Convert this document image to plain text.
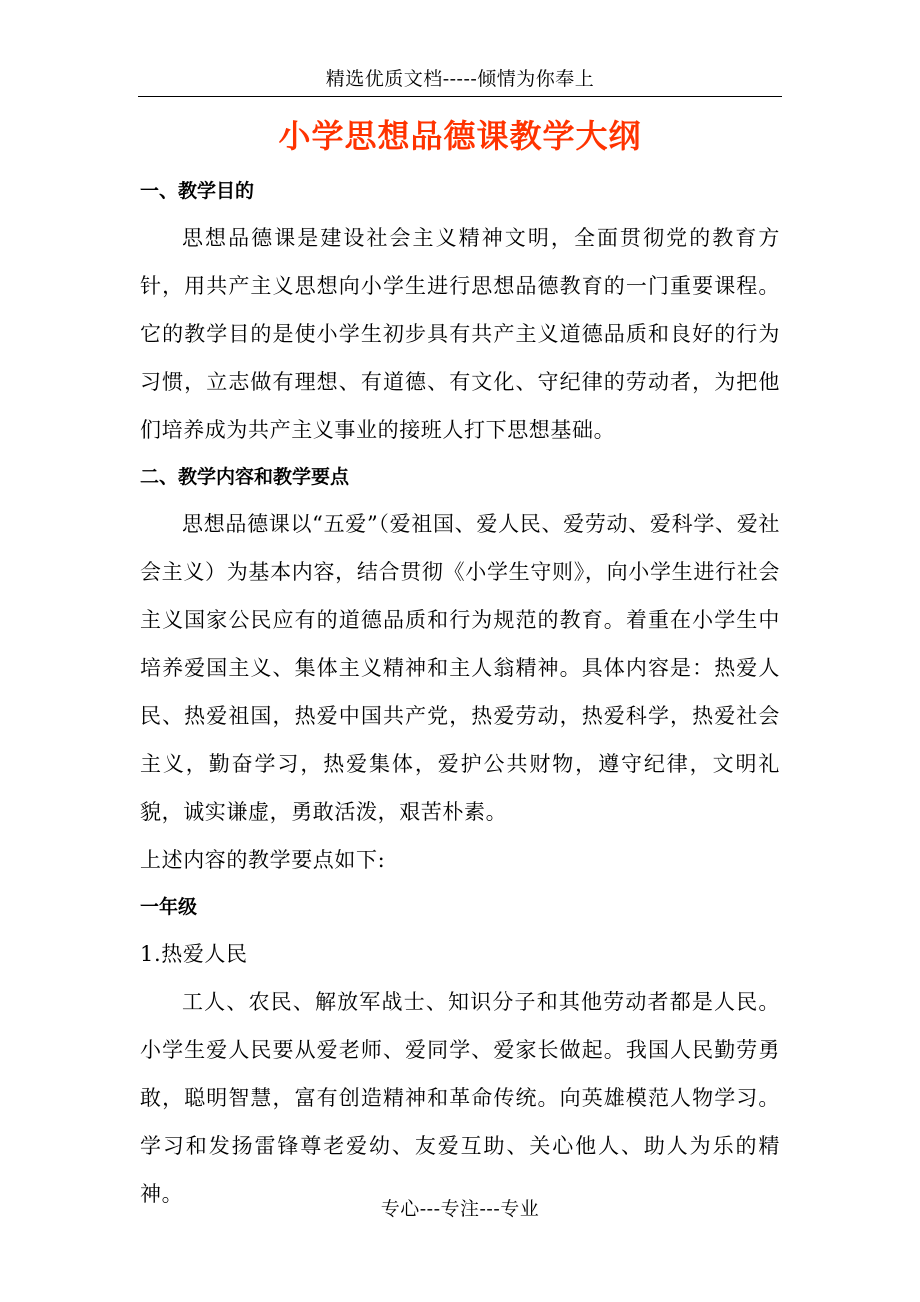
精选优质文档-----倾情为你奉上
小学思想品德课教学大纲

一、教学目的

思想品德课是建设社会主义精神文明，全面贯彻党的教育方针，用共产主义思想向小学生进行思想品德教育的一门重要课程。它的教学目的是使小学生初步具有共产主义道德品质和良好的行为习惯，立志做有理想、有道德、有文化、守纪律的劳动者，为把他们培养成为共产主义事业的接班人打下思想基础。

二、教学内容和教学要点

思想品德课以“五爱”（爱祖国、爱人民、爱劳动、爱科学、爱社会主义）为基本内容，结合贯彻《小学生守则》，向小学生进行社会主义国家公民应有的道德品质和行为规范的教育。着重在小学生中培养爱国主义、集体主义精神和主人翁精神。具体内容是：热爱人民、热爱祖国，热爱中国共产党，热爱劳动，热爱科学，热爱社会主义，勤奋学习，热爱集体，爱护公共财物，遵守纪律，文明礼貌，诚实谦虚，勇敢活泼，艰苦朴素。

上述内容的教学要点如下:

一年级

1.热爱人民

工人、农民、解放军战士、知识分子和其他劳动者都是人民。小学生爱人民要从爱老师、爱同学、爱家长做起。我国人民勤劳勇敢，聪明智慧，富有创造精神和革命传统。向英雄模范人物学习。学习和发扬雷锋尊老爱幼、友爱互助、关心他人、助人为乐的精神。

专心---专注---专业
